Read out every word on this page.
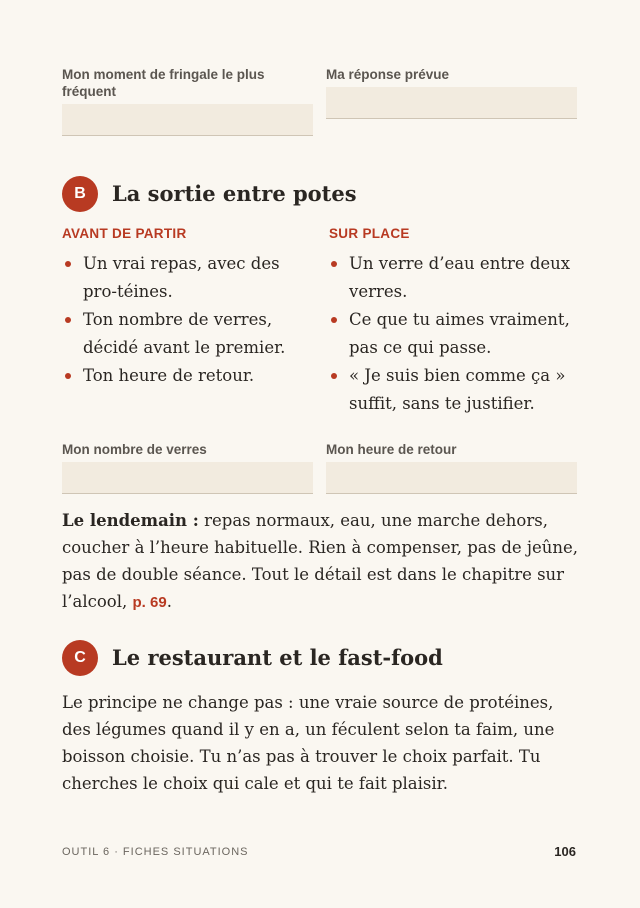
Mon moment de fringale le plus fréquent
Ma réponse prévue
B	La sortie entre potes
AVANT DE PARTIR	SUR PLACE
Un vrai repas, avec des pro-téines.
Ton nombre de verres, décidé avant le premier.
Ton heure de retour.
Un verre d’eau entre deux verres.
Ce que tu aimes vraiment, pas ce qui passe.
« Je suis bien comme ça » suffit, sans te justifier.
Mon nombre de verres	Mon heure de retour
Le lendemain : repas normaux, eau, une marche dehors, coucher à l’heure habituelle. Rien à compenser, pas de jeûne, pas de double séance. Tout le détail est dans le chapitre sur l’alcool, p. 69.
C	Le restaurant et le fast-food
Le principe ne change pas : une vraie source de protéines, des légumes quand il y en a, un féculent selon ta faim, une boisson choisie. Tu n’as pas à trouver le choix parfait. Tu cherches le choix qui cale et qui te fait plaisir.
OUTIL 6 · FICHES SITUATIONS	106
